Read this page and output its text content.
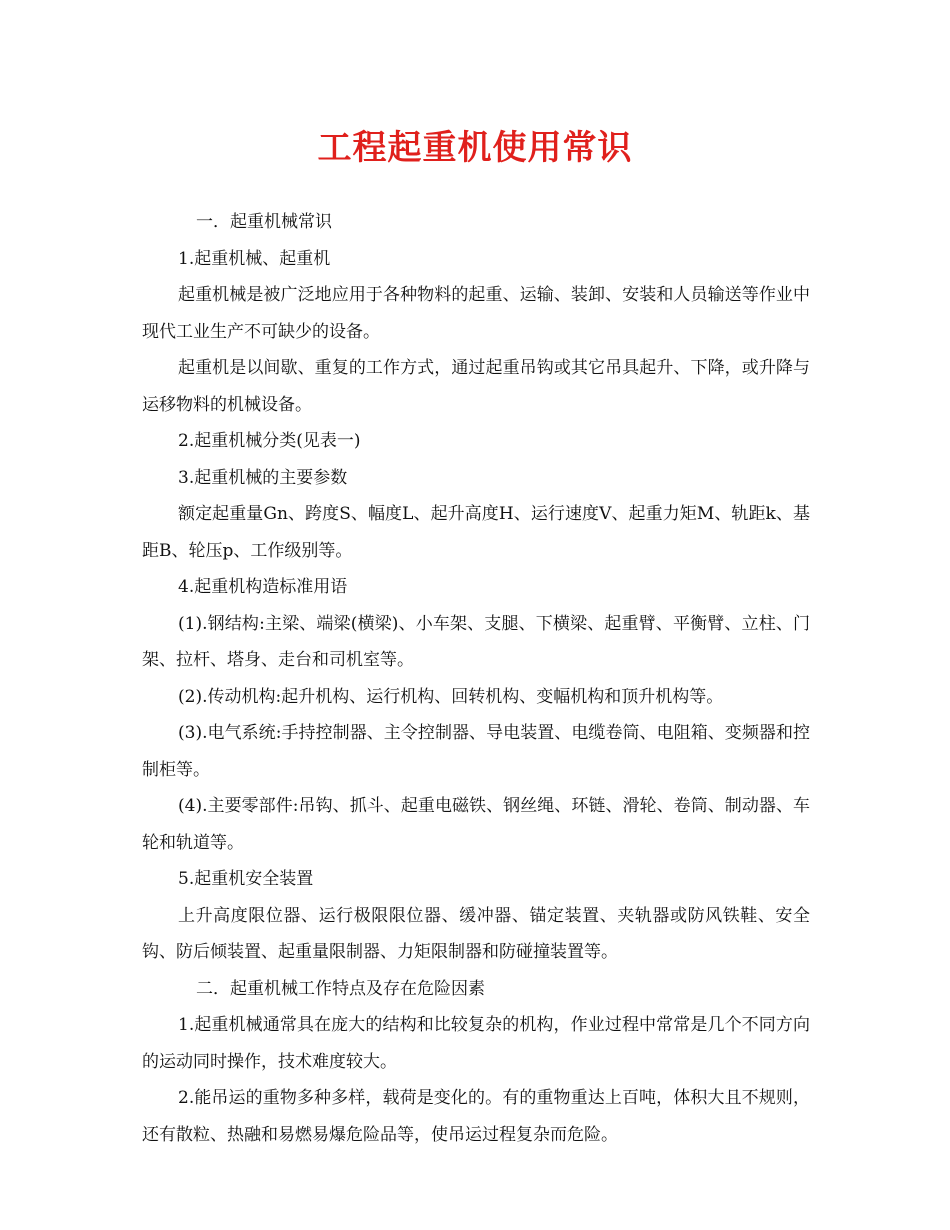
工程起重机使用常识

一．起重机械常识

1.起重机械、起重机

起重机械是被广泛地应用于各种物料的起重、运输、装卸、安装和人员输送等作业中现代工业生产不可缺少的设备。

起重机是以间歇、重复的工作方式，通过起重吊钩或其它吊具起升、下降，或升降与运移物料的机械设备。

2.起重机械分类(见表一)

3.起重机械的主要参数

额定起重量Gn、跨度S、幅度L、起升高度H、运行速度V、起重力矩M、轨距k、基距B、轮压p、工作级别等。

4.起重机构造标准用语

(1).钢结构:主梁、端梁(横梁)、小车架、支腿、下横梁、起重臂、平衡臂、立柱、门架、拉杆、塔身、走台和司机室等。

(2).传动机构:起升机构、运行机构、回转机构、变幅机构和顶升机构等。

(3).电气系统:手持控制器、主令控制器、导电装置、电缆卷筒、电阻箱、变频器和控制柜等。

(4).主要零部件:吊钩、抓斗、起重电磁铁、钢丝绳、环链、滑轮、卷筒、制动器、车轮和轨道等。

5.起重机安全装置

上升高度限位器、运行极限限位器、缓冲器、锚定装置、夹轨器或防风铁鞋、安全钩、防后倾装置、起重量限制器、力矩限制器和防碰撞装置等。

二．起重机械工作特点及存在危险因素

1.起重机械通常具在庞大的结构和比较复杂的机构，作业过程中常常是几个不同方向的运动同时操作，技术难度较大。

2.能吊运的重物多种多样，载荷是变化的。有的重物重达上百吨，体积大且不规则，还有散粒、热融和易燃易爆危险品等，使吊运过程复杂而危险。
